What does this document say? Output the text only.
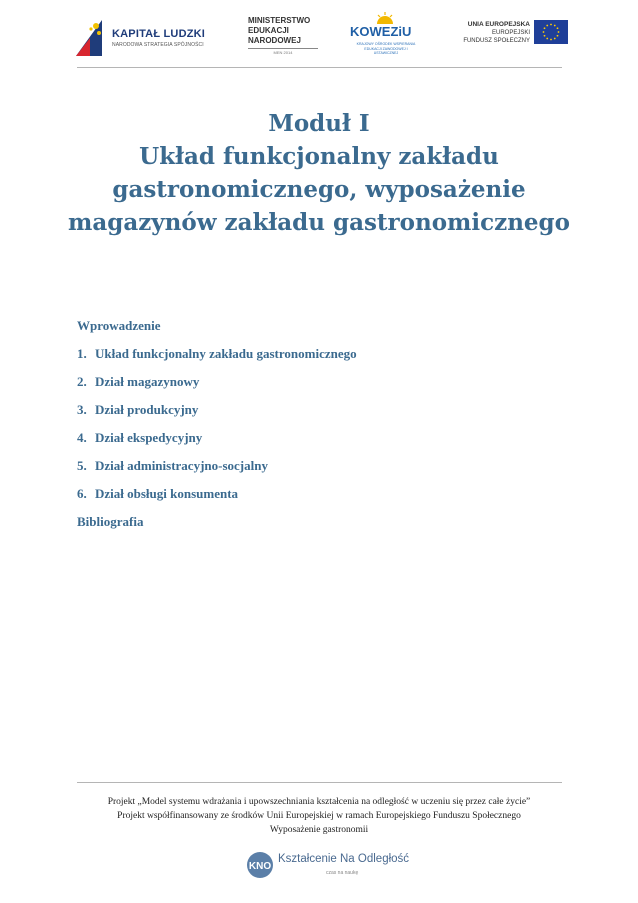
KAPITAŁ LUDZKI
NARODOWA STRATEGIA SPÓJNOŚCI
MINISTERSTWO
EDUKACJI
NARODOWEJ
MEN 2014
KOWEZiU
KRAJOWY OŚRODEK WSPIERANIA EDUKACJI ZAWODOWEJ I USTAWICZNEJ
UNIA EUROPEJSKA
EUROPEJSKI
FUNDUSZ SPOŁECZNY
Moduł I
Układ funkcjonalny zakładu
gastronomicznego, wyposażenie
magazynów zakładu gastronomicznego
Wprowadzenie
1. Układ funkcjonalny zakładu gastronomicznego
2. Dział magazynowy
3. Dział produkcyjny
4. Dział ekspedycyjny
5. Dział administracyjno-socjalny
6. Dział obsługi konsumenta
Bibliografia
Projekt „Model systemu wdrażania i upowszechniania kształcenia na odległość w uczeniu się przez całe życie”
Projekt współfinansowany ze środków Unii Europejskiej w ramach Europejskiego Funduszu Społecznego
Wyposażenie gastronomii
KNO
Kształcenie Na Odległość
czas na naukę
